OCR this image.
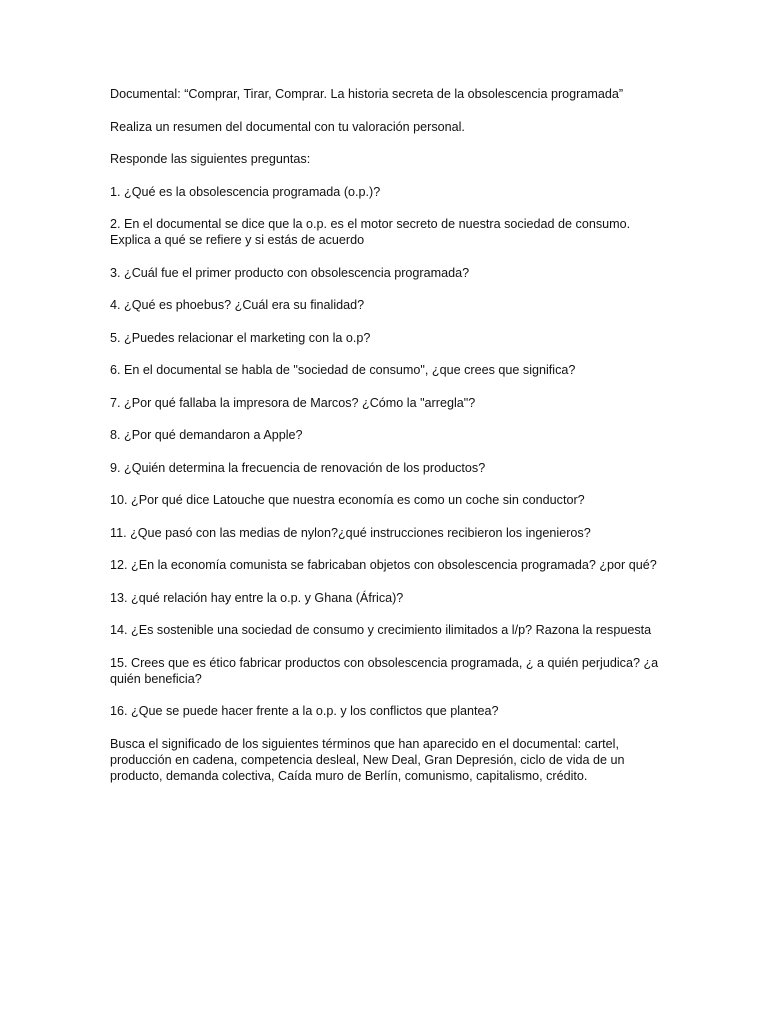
Documental: “Comprar, Tirar, Comprar. La historia secreta de la obsolescencia programada”

Realiza un resumen del documental con tu valoración personal.

Responde las siguientes preguntas:

1. ¿Qué es la obsolescencia programada (o.p.)?
2. En el documental se dice que la o.p. es el motor secreto de nuestra sociedad de consumo. Explica a qué se refiere y si estás de acuerdo
3. ¿Cuál fue el primer producto con obsolescencia programada?
4. ¿Qué es phoebus? ¿Cuál era su finalidad?
5. ¿Puedes relacionar el marketing con la o.p?
6. En el documental se habla de "sociedad de consumo", ¿que crees que significa?
7. ¿Por qué fallaba la impresora de Marcos? ¿Cómo la "arregla"?
8. ¿Por qué demandaron a Apple?
9. ¿Quién determina la frecuencia de renovación de los productos?
10. ¿Por qué dice Latouche que nuestra economía es como un coche sin conductor?
11. ¿Que pasó con las medias de nylon?¿qué instrucciones recibieron los ingenieros?
12. ¿En la economía comunista se fabricaban objetos con obsolescencia programada? ¿por qué?
13. ¿qué relación hay entre la o.p. y Ghana (África)?
14. ¿Es sostenible una sociedad de consumo y crecimiento ilimitados a l/p? Razona la respuesta
15. Crees que es ético fabricar productos con obsolescencia programada, ¿ a quién perjudica? ¿a quién beneficia?
16. ¿Que se puede hacer frente a la o.p. y los conflictos que plantea?

Busca el significado de los siguientes términos que han aparecido en el documental: cartel, producción en cadena, competencia desleal, New Deal, Gran Depresión, ciclo de vida de un producto, demanda colectiva, Caída muro de Berlín, comunismo, capitalismo, crédito.
